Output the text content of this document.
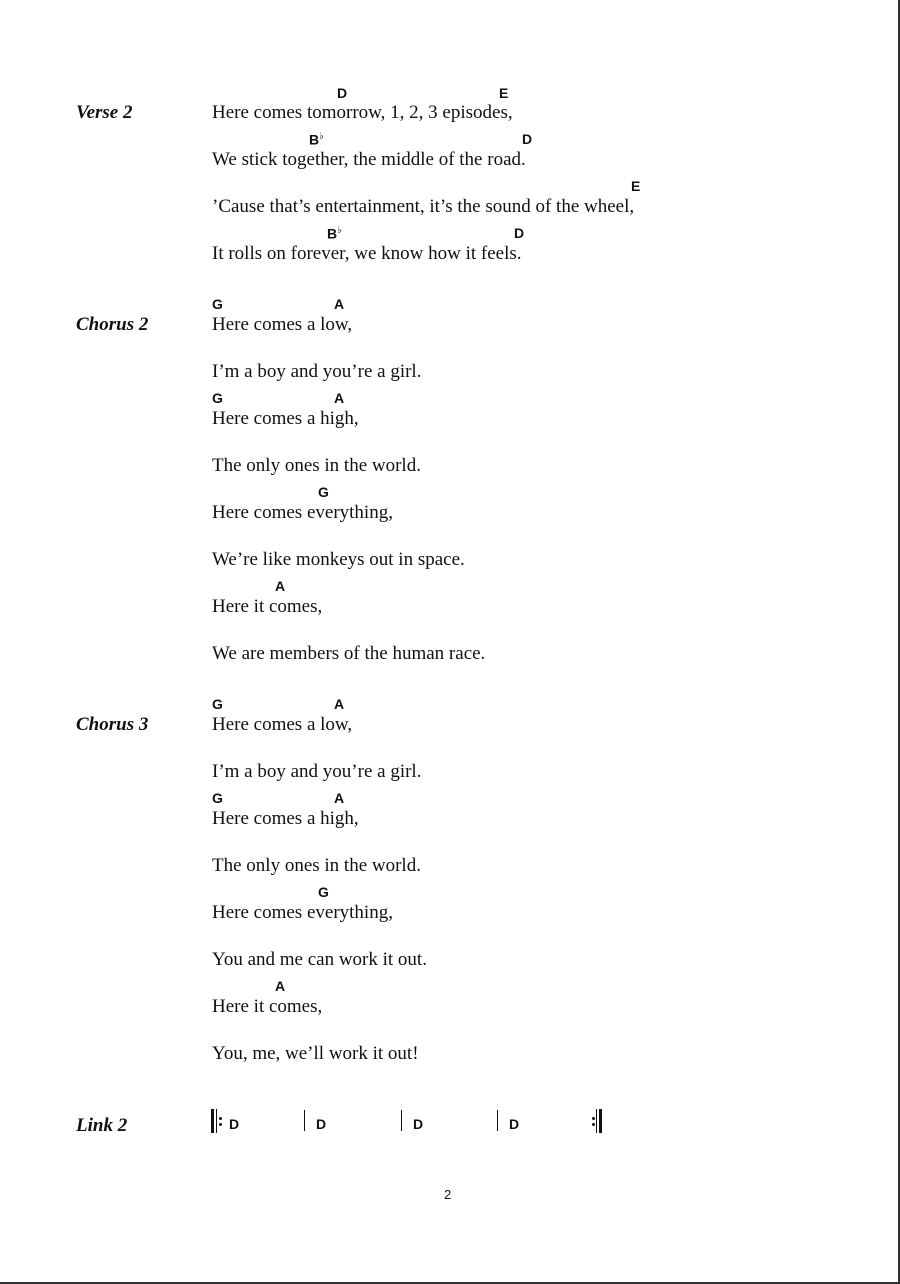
Verse 2
D	E
Here comes tomorrow, 1, 2, 3 episodes,
B♭	D
We stick together, the middle of the road.
E
’Cause that’s entertainment, it’s the sound of the wheel,
B♭	D
It rolls on forever, we know how it feels.
Chorus 2
G	A
Here comes a low,
I’m a boy and you’re a girl.
G	A
Here comes a high,
The only ones in the world.
G
Here comes everything,
We’re like monkeys out in space.
A
Here it comes,
We are members of the human race.
Chorus 3
G	A
Here comes a low,
I’m a boy and you’re a girl.
G	A
Here comes a high,
The only ones in the world.
G
Here comes everything,
You and me can work it out.
A
Here it comes,
You, me, we’ll work it out!
Link 2	D	D	D	D
2
